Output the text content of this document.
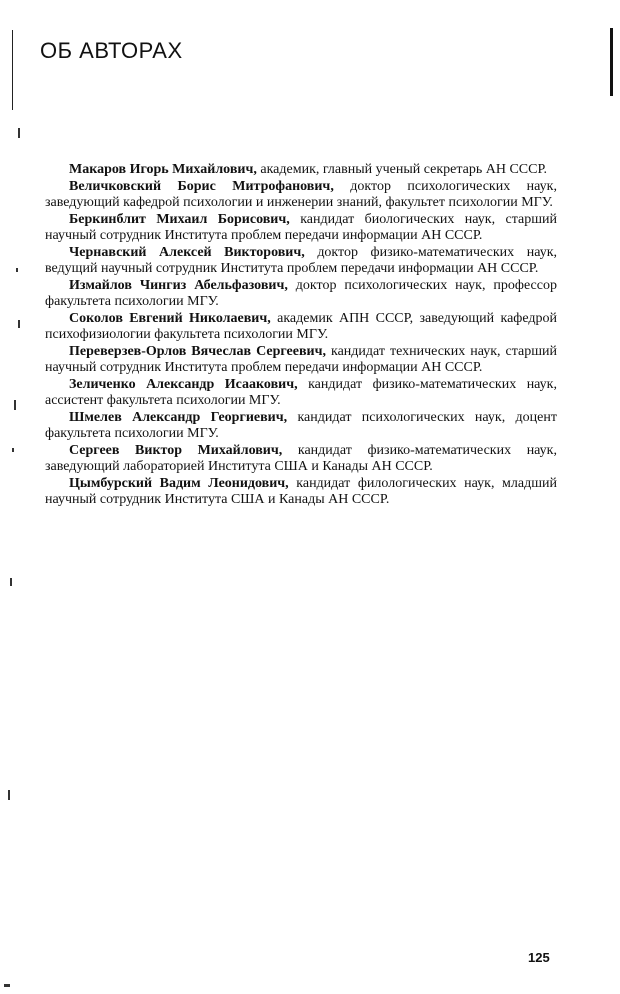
ОБ АВТОРАХ

Макаров Игорь Михайлович, академик, главный ученый секретарь АН СССР.

Величковский Борис Митрофанович, доктор психологических наук, заведующий кафедрой психологии и инженерии знаний, факультет психологии МГУ.

Беркинблит Михаил Борисович, кандидат биологических наук, старший научный сотрудник Института проблем передачи информации АН СССР.

Чернавский Алексей Викторович, доктор физико-математических наук, ведущий научный сотрудник Института проблем передачи информации АН СССР.

Измайлов Чингиз Абельфазович, доктор психологических наук, профессор факультета психологии МГУ.

Соколов Евгений Николаевич, академик АПН СССР, заведующий кафедрой психофизиологии факультета психологии МГУ.

Переверзев-Орлов Вячеслав Сергеевич, кандидат технических наук, старший научный сотрудник Института проблем передачи информации АН СССР.

Зеличенко Александр Исаакович, кандидат физико-математических наук, ассистент факультета психологии МГУ.

Шмелев Александр Георгиевич, кандидат психологических наук, доцент факультета психологии МГУ.

Сергеев Виктор Михайлович, кандидат физико-математических наук, заведующий лабораторией Института США и Канады АН СССР.

Цымбурский Вадим Леонидович, кандидат филологических наук, младший научный сотрудник Института США и Канады АН СССР.

125
